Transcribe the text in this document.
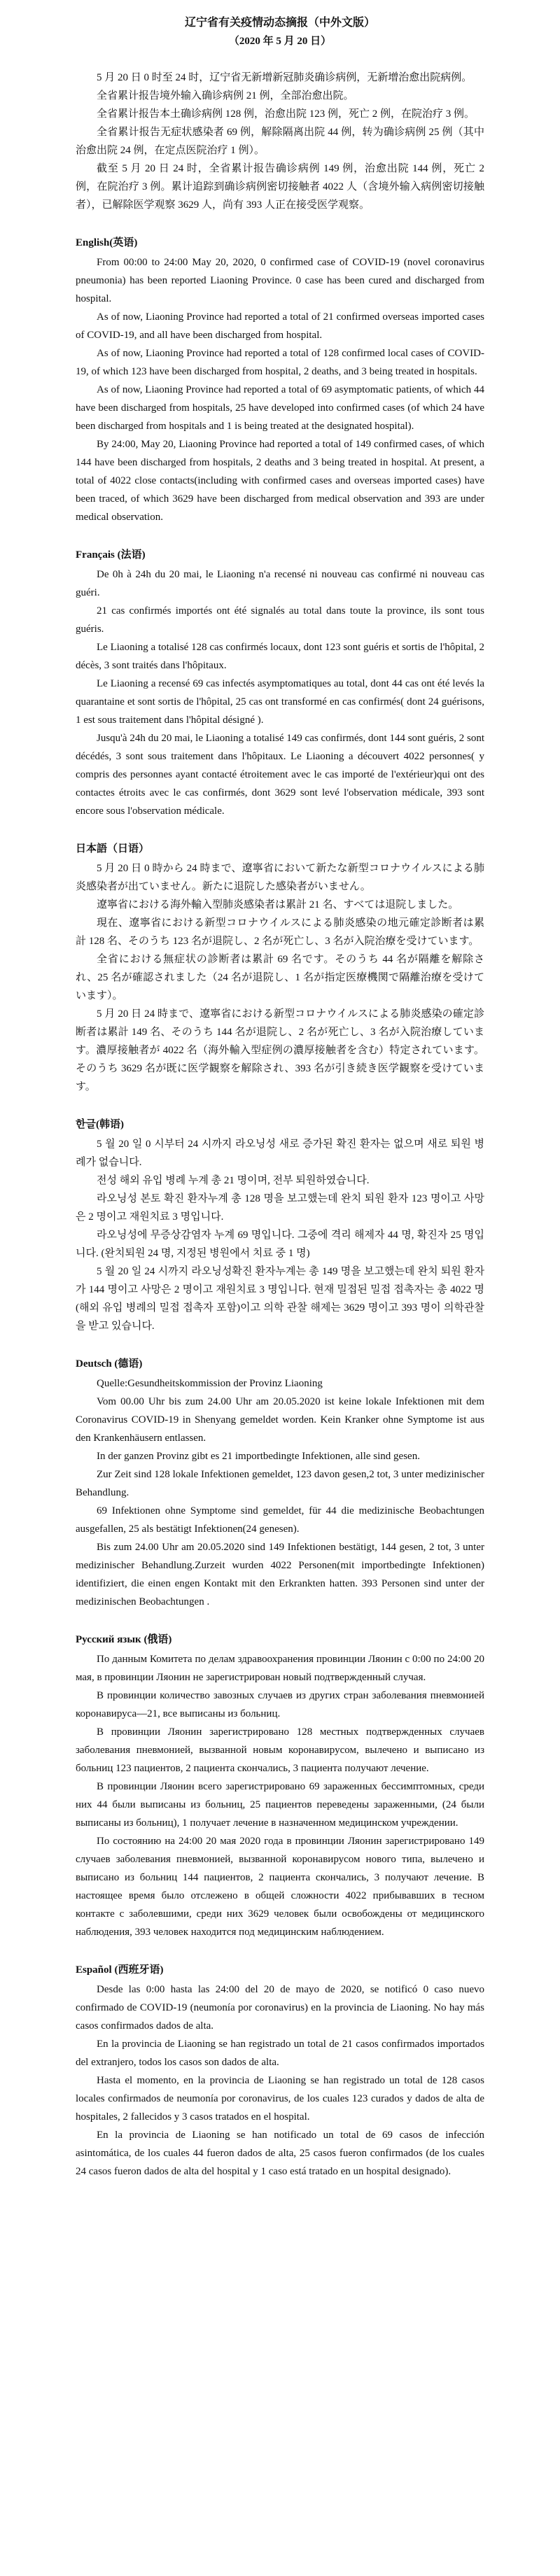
辽宁省有关疫情动态摘报（中外文版）

（2020 年 5 月 20 日）

5 月 20 日 0 时至 24 时，辽宁省无新增新冠肺炎确诊病例，无新增治愈出院病例。

全省累计报告境外输入确诊病例 21 例，全部治愈出院。

全省累计报告本土确诊病例 128 例，治愈出院 123 例，死亡 2 例，在院治疗 3 例。

全省累计报告无症状感染者 69 例，解除隔离出院 44 例，转为确诊病例 25 例（其中治愈出院 24 例，在定点医院治疗 1 例）。

截至 5 月 20 日 24 时，全省累计报告确诊病例 149 例，治愈出院 144 例，死亡 2 例，在院治疗 3 例。累计追踪到确诊病例密切接触者 4022 人（含境外输入病例密切接触者），已解除医学观察 3629 人，尚有 393 人正在接受医学观察。

English(英语)

From 00:00 to 24:00 May 20, 2020, 0 confirmed case of COVID-19 (novel coronavirus pneumonia) has been reported Liaoning Province. 0 case has been cured and discharged from hospital.

As of now, Liaoning Province had reported a total of 21 confirmed overseas imported cases of COVID-19, and all have been discharged from hospital.

As of now, Liaoning Province had reported a total of 128 confirmed local cases of COVID-19, of which 123 have been discharged from hospital, 2 deaths, and 3 being treated in hospitals.

As of now, Liaoning Province had reported a total of 69 asymptomatic patients, of which 44 have been discharged from hospitals, 25 have developed into confirmed cases (of which 24 have been discharged from hospitals and 1 is being treated at the designated hospital).

By 24:00, May 20, Liaoning Province had reported a total of 149 confirmed cases, of which 144 have been discharged from hospitals, 2 deaths and 3 being treated in hospital. At present, a total of 4022 close contacts(including with confirmed cases and overseas imported cases) have been traced, of which 3629 have been discharged from medical observation and 393 are under medical observation.

Français (法语)

De 0h à 24h du 20 mai, le Liaoning n'a recensé ni nouveau cas confirmé ni nouveau cas guéri.

21 cas confirmés importés ont été signalés au total dans toute la province, ils sont tous guéris.

Le Liaoning a totalisé 128 cas confirmés locaux, dont 123 sont guéris et sortis de l'hôpital, 2 décès, 3 sont traités dans l'hôpitaux.

Le Liaoning a recensé 69 cas infectés asymptomatiques au total, dont 44 cas ont été levés la quarantaine et sont sortis de l'hôpital, 25 cas ont transformé en cas confirmés( dont 24 guérisons, 1 est sous traitement dans l'hôpital désigné ).

Jusqu'à 24h du 20 mai, le Liaoning a totalisé 149 cas confirmés, dont 144 sont guéris, 2 sont décédés, 3 sont sous traitement dans l'hôpitaux. Le Liaoning a découvert 4022 personnes( y compris des personnes ayant contacté étroitement avec le cas importé de l'extérieur)qui ont des contactes étroits avec le cas confirmés, dont 3629 sont levé l'observation médicale, 393 sont encore sous l'observation médicale.

日本語（日语）

5 月 20 日 0 時から 24 時まで、遼寧省において新たな新型コロナウイルスによる肺炎感染者が出ていません。新たに退院した感染者がいません。

遼寧省における海外輸入型肺炎感染者は累計 21 名、すべては退院しました。

現在、遼寧省における新型コロナウイルスによる肺炎感染の地元確定診断者は累計 128 名、そのうち 123 名が退院し、2 名が死亡し、3 名が入院治療を受けています。

全省における無症状の診断者は累計 69 名です。そのうち 44 名が隔離を解除され、25 名が確認されました（24 名が退院し、1 名が指定医療機関で隔離治療を受けています）。

5 月 20 日 24 時まで、遼寧省における新型コロナウイルスによる肺炎感染の確定診断者は累計 149 名、そのうち 144 名が退院し、2 名が死亡し、3 名が入院治療しています。濃厚接触者が 4022 名（海外輸入型症例の濃厚接触者を含む）特定されています。そのうち 3629 名が既に医学観察を解除され、393 名が引き続き医学観察を受けています。

한글(韩语)

5 월 20 일 0 시부터 24 시까지 라오닝성 새로 증가된 확진 환자는 없으며 새로 퇴원 병례가 없습니다.

전성 해외 유입 병례 누계 총 21 명이며, 전부 퇴원하였습니다.

라오닝성 본토 확진 환자누계 총 128 명을 보고했는데 완치 퇴원 환자 123 명이고 사망은 2 명이고 재원치료 3 명입니다.

라오닝성에 무증상감염자 누계 69 명입니다. 그중에 격리 해제자 44 명, 확진자 25 명입니다. (완치퇴원 24 명, 지정된 병원에서 치료 중 1 명)

5 월 20 일 24 시까지 라오닝성확진 환자누계는 총 149 명을 보고했는데 완치 퇴원 환자가 144 명이고 사망은 2 명이고 재원치료 3 명입니다. 현재 밀접된 밀접 접촉자는 총 4022 명(해외 유입 병례의 밀접 접촉자 포함)이고 의학 관찰 해제는 3629 명이고 393 명이 의학관찰을 받고 있습니다.

Deutsch (德语)

Quelle:Gesundheitskommission der Provinz Liaoning

Vom 00.00 Uhr bis zum 24.00 Uhr am 20.05.2020 ist keine lokale Infektionen mit dem Coronavirus COVID-19 in Shenyang gemeldet worden. Kein Kranker ohne Symptome ist aus den Krankenhäusern entlassen.

In der ganzen Provinz gibt es 21 importbedingte Infektionen, alle sind gesen.

Zur Zeit sind 128 lokale Infektionen gemeldet, 123 davon gesen,2 tot, 3 unter medizinischer Behandlung.

69 Infektionen ohne Symptome sind gemeldet, für 44 die medizinische Beobachtungen ausgefallen, 25 als bestätigt Infektionen(24 genesen).

Bis zum 24.00 Uhr am 20.05.2020 sind 149 Infektionen bestätigt, 144 gesen, 2 tot, 3 unter medizinischer Behandlung.Zurzeit wurden 4022 Personen(mit importbedingte Infektionen) identifiziert, die einen engen Kontakt mit den Erkrankten hatten. 393 Personen sind unter der medizinischen Beobachtungen .

Русский язык (俄语)

По данным Комитета по делам здравоохранения провинции Ляонин с 0:00 по 24:00 20 мая, в провинции Ляонин не зарегистрирован новый подтвержденный случая.

В провинции количество завозных случаев из других стран заболевания пневмонией коронавируса—21, все выписаны из больниц.

В провинции Ляонин зарегистрировано 128 местных подтвержденных случаев заболевания пневмонией, вызванной новым коронавирусом, вылечено и выписано из больниц 123 пациентов, 2 пациента скончались, 3 пациента получают лечение.

В провинции Ляонин всего зарегистрировано 69 зараженных бессимптомных, среди них 44 были выписаны из больниц, 25 пациентов переведены зараженными, (24 были выписаны из больниц), 1 получает лечение в назначенном медицинском учреждении.

По состоянию на 24:00 20 мая 2020 года в провинции Ляонин зарегистрировано 149 случаев заболевания пневмонией, вызванной коронавирусом нового типа, вылечено и выписано из больниц 144 пациентов, 2 пациента скончались, 3 получают лечение. В настоящее время было отслежено в общей сложности 4022 прибывавших в тесном контакте с заболевшими, среди них 3629 человек были освобождены от медицинского наблюдения, 393 человек находится под медицинским наблюдением.

Español (西班牙语)

Desde las 0:00 hasta las 24:00 del 20 de mayo de 2020, se notificó 0 caso nuevo confirmado de COVID-19 (neumonía por coronavirus) en la provincia de Liaoning. No hay más casos confirmados dados de alta.

En la provincia de Liaoning se han registrado un total de 21 casos confirmados importados del extranjero, todos los casos son dados de alta.

Hasta el momento, en la provincia de Liaoning se han registrado un total de 128 casos locales confirmados de neumonía por coronavirus, de los cuales 123 curados y dados de alta de hospitales, 2 fallecidos y 3 casos tratados en el hospital.

En la provincia de Liaoning se han notificado un total de 69 casos de infección asintomática, de los cuales 44 fueron dados de alta, 25 casos fueron confirmados (de los cuales 24 casos fueron dados de alta del hospital y 1 caso está tratado en un hospital designado).
